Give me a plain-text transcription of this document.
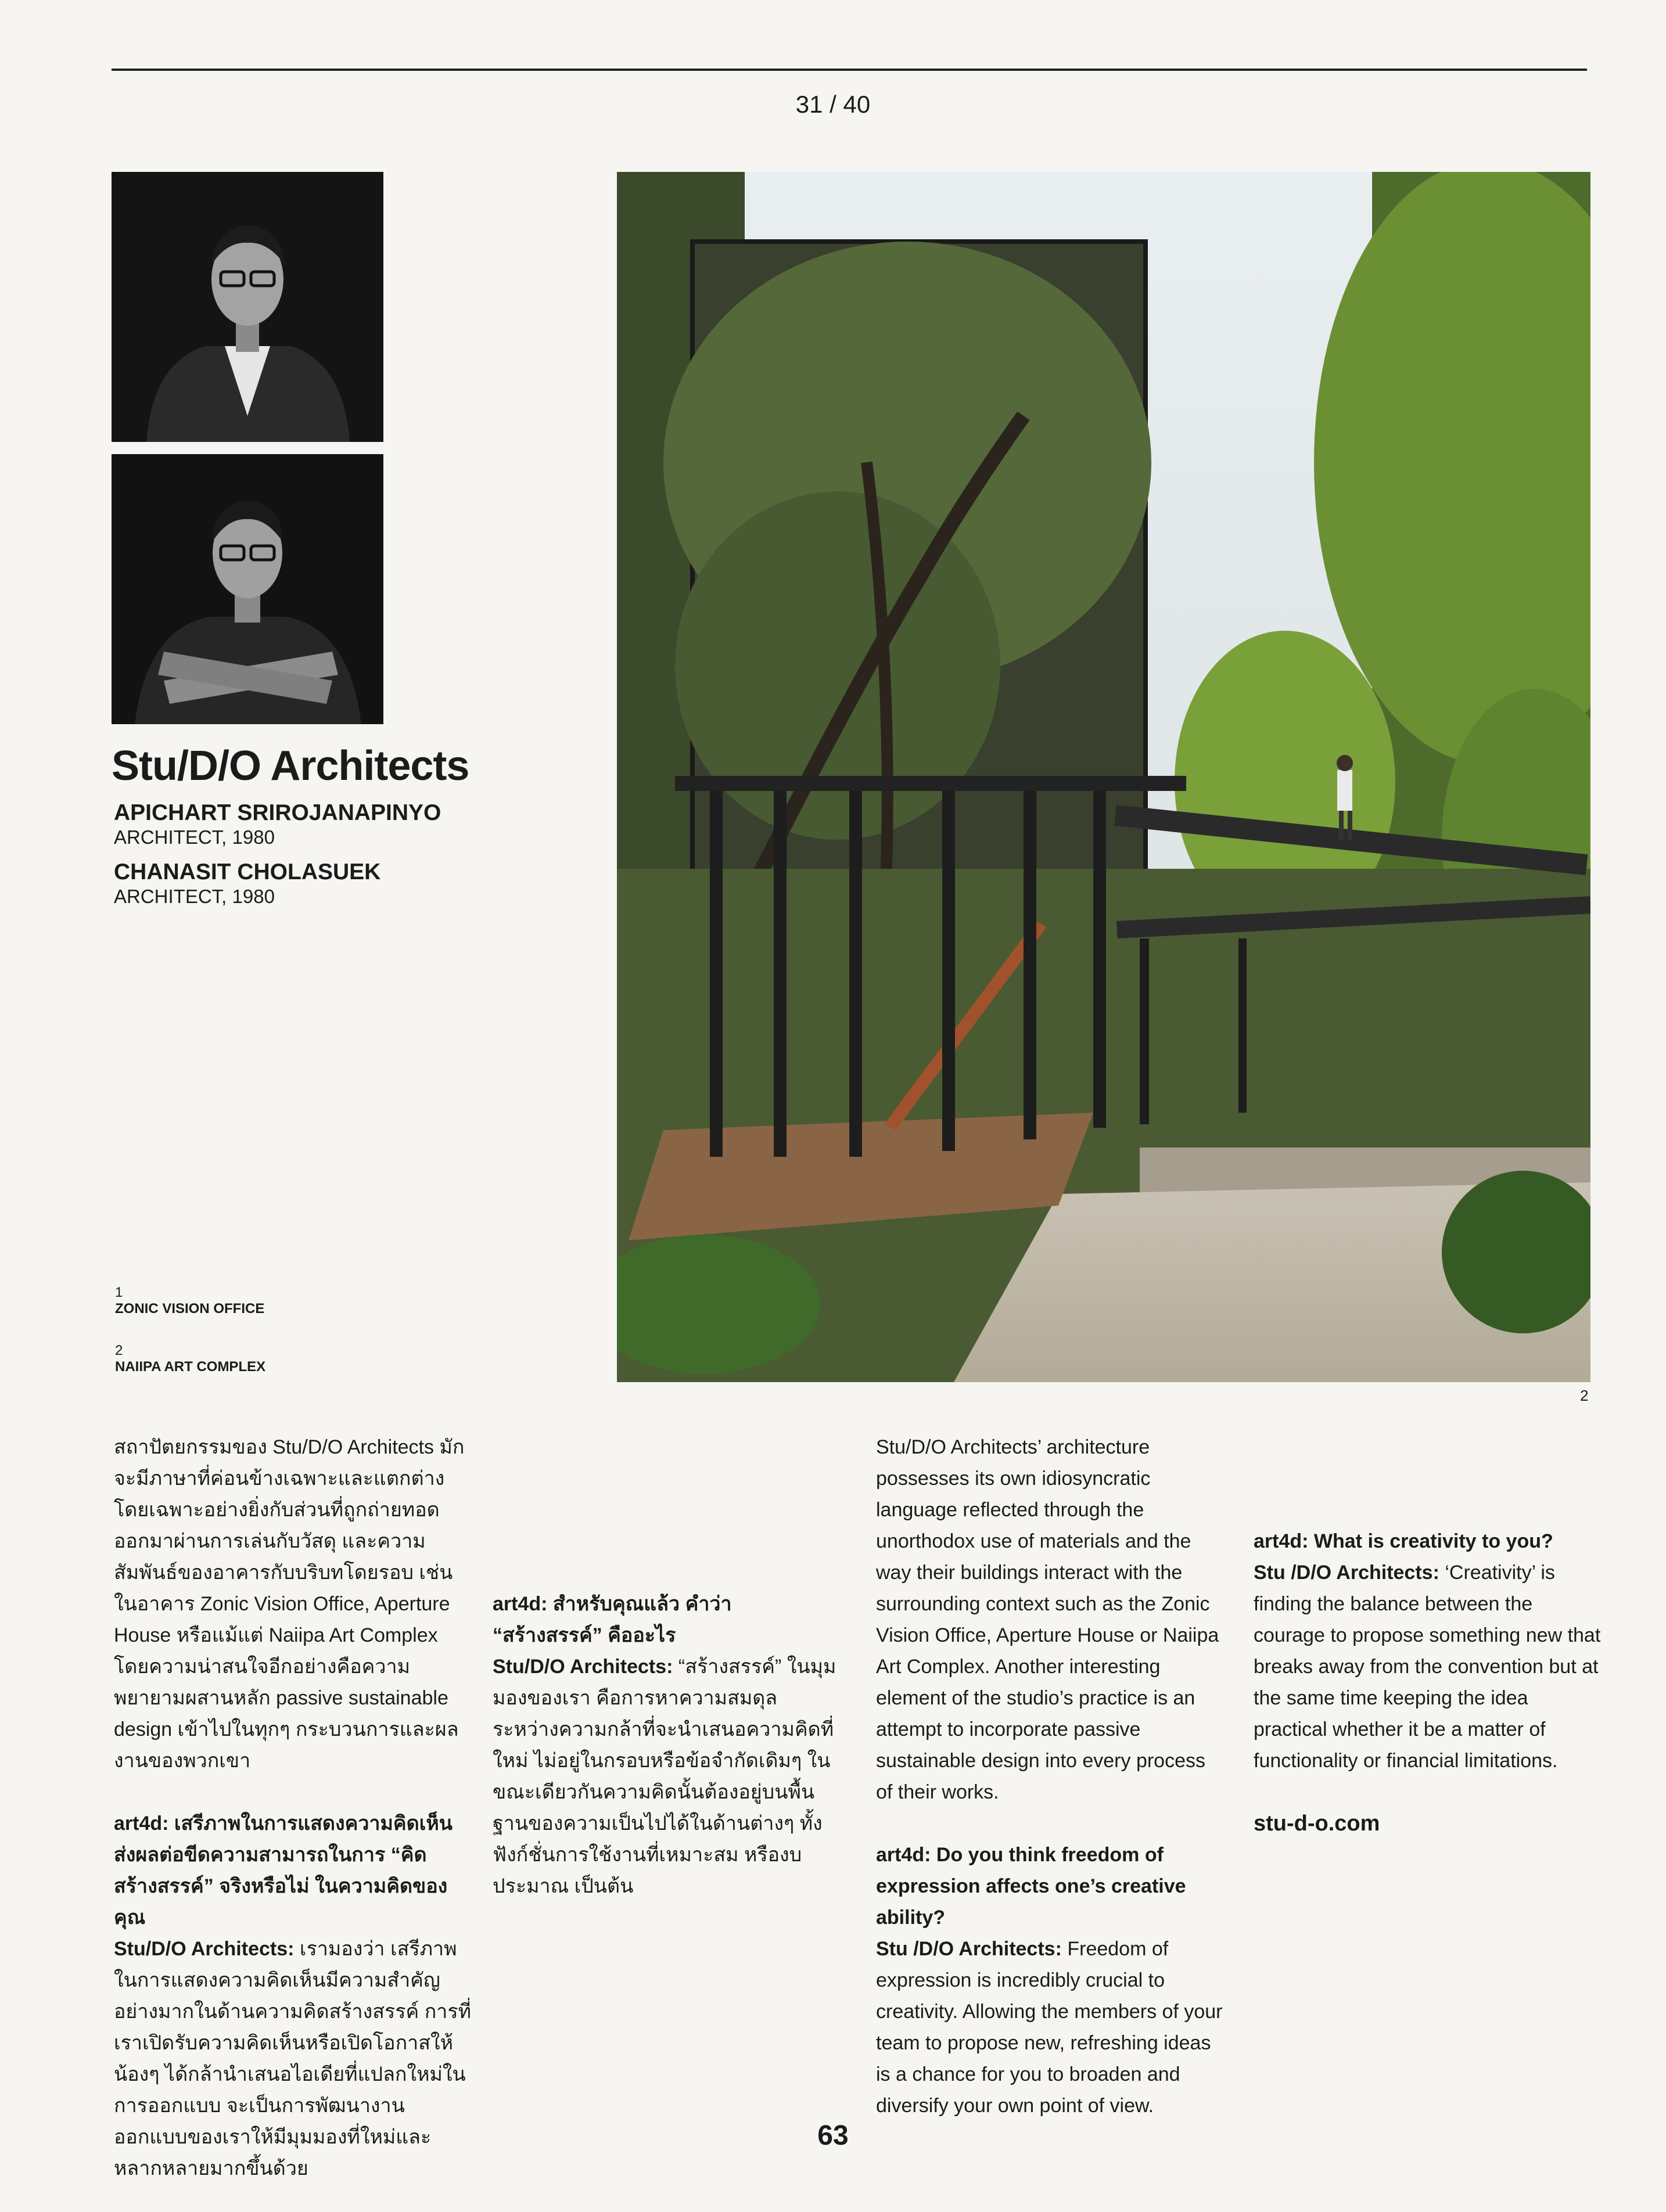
31 / 40
Stu/D/O Architects

APICHART SRIROJANAPINYO

ARCHITECT, 1980

CHANASIT CHOLASUEK

ARCHITECT, 1980

1
ZONIC VISION OFFICE
2
NAIIPA ART COMPLEX
2

สถาปัตยกรรมของ Stu/D/O Architects มักจะมีภาษาที่ค่อนข้างเฉพาะและแตกต่าง โดยเฉพาะอย่างยิ่งกับส่วนที่ถูกถ่ายทอดออกมาผ่านการเล่นกับวัสดุ และความสัมพันธ์ของอาคารกับบริบทโดยรอบ เช่น ในอาคาร Zonic Vision Office, Aperture House หรือแม้แต่ Naiipa Art Complex โดยความน่าสนใจอีกอย่างคือความพยายามผสานหลัก passive sustainable design เข้าไปในทุกๆ กระบวนการและผลงานของพวกเขา

art4d: เสรีภาพในการแสดงความคิดเห็นส่งผลต่อขีดความสามารถในการ “คิดสร้างสรรค์” จริงหรือไม่ ในความคิดของคุณ
Stu/D/O Architects: เรามองว่า เสรีภาพในการแสดงความคิดเห็นมีความสำคัญอย่างมากในด้านความคิดสร้างสรรค์ การที่เราเปิดรับความคิดเห็นหรือเปิดโอกาสให้น้องๆ ได้กล้านำเสนอไอเดียที่แปลกใหม่ในการออกแบบ จะเป็นการพัฒนางานออกแบบของเราให้มีมุมมองที่ใหม่และหลากหลายมากขึ้นด้วย
art4d: สำหรับคุณแล้ว คำว่า “สร้างสรรค์” คืออะไร
Stu/D/O Architects: “สร้างสรรค์” ในมุมมองของเรา คือการหาความสมดุลระหว่างความกล้าที่จะนำเสนอความคิดที่ใหม่ ไม่อยู่ในกรอบหรือข้อจำกัดเดิมๆ ในขณะเดียวกันความคิดนั้นต้องอยู่บนพื้นฐานของความเป็นไปได้ในด้านต่างๆ ทั้งฟังก์ชั่นการใช้งานที่เหมาะสม หรืองบประมาณ เป็นต้น

Stu/D/O Architects’ architecture possesses its own idiosyncratic language reflected through the unorthodox use of materials and the way their buildings interact with the surrounding context such as the Zonic Vision Office, Aperture House or Naiipa Art Complex. Another interesting element of the studio’s practice is an attempt to incorporate passive sustainable design into every process of their works.

art4d: Do you think freedom of expression affects one’s creative ability?
Stu /D/O Architects: Freedom of expression is incredibly crucial to creativity. Allowing the members of your team to propose new, refreshing ideas is a chance for you to broaden and diversify your own point of view.
art4d: What is creativity to you?

Stu /D/O Architects: ‘Creativity’ is finding the balance between the courage to propose something new that breaks away from the convention but at the same time keeping the idea practical whether it be a matter of functionality or financial limitations.

stu-d-o.com
63
